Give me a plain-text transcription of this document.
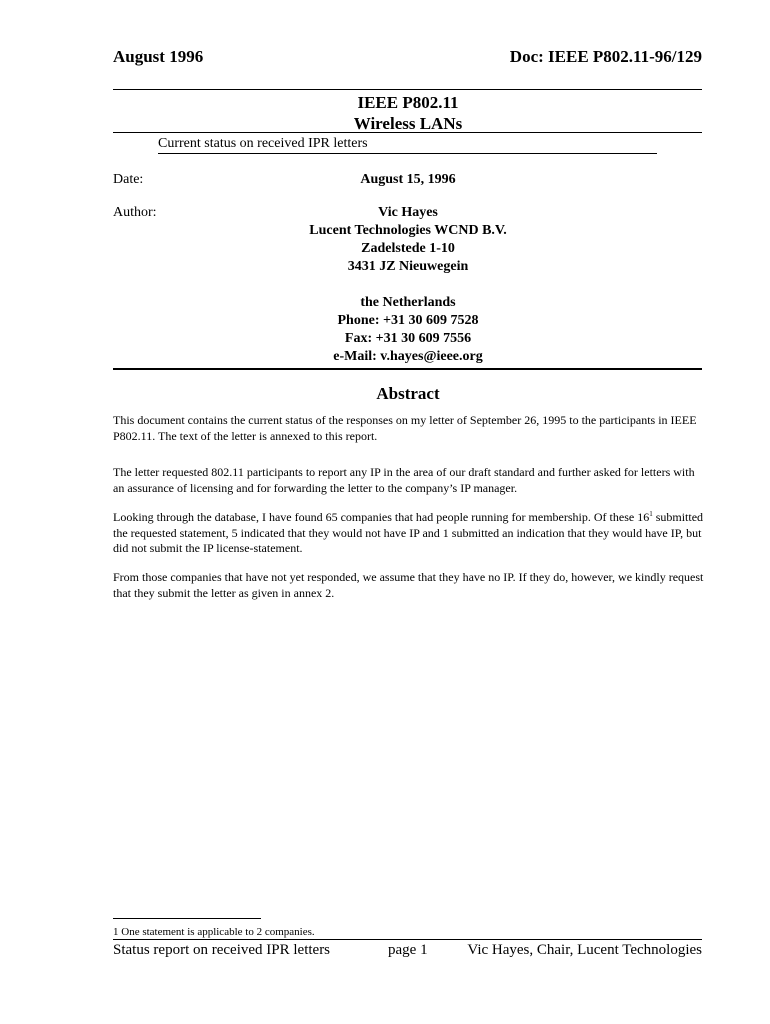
August 1996	Doc: IEEE P802.11-96/129
IEEE P802.11
Wireless LANs
Current status on received IPR letters
Date:	August 15, 1996
Author:	Vic Hayes
Lucent Technologies WCND B.V.
Zadelstede 1-10
3431 JZ Nieuwegein
the Netherlands
Phone: +31 30 609 7528
Fax: +31 30 609 7556
e-Mail: v.hayes@ieee.org
Abstract
This document contains the current status of the responses on my letter of September 26, 1995 to the participants in IEEE P802.11. The text of the letter is annexed to this report.
The letter requested 802.11 participants to report any IP in the area of our draft standard and further asked for letters with an assurance of licensing and for forwarding the letter to the company’s IP manager.
Looking through the database, I have found 65 companies that had people running for membership. Of these $16^1$ submitted the requested statement, 5 indicated that they would not have IP and 1 submitted an indication that they would have IP, but did not submit the IP license-statement.
From those companies that have not yet responded, we assume that they have no IP. If they do, however, we kindly request that they submit the letter as given in annex 2.
1 One statement is applicable to 2 companies.
Status report on received IPR letters	page 1	Vic Hayes, Chair, Lucent Technologies
